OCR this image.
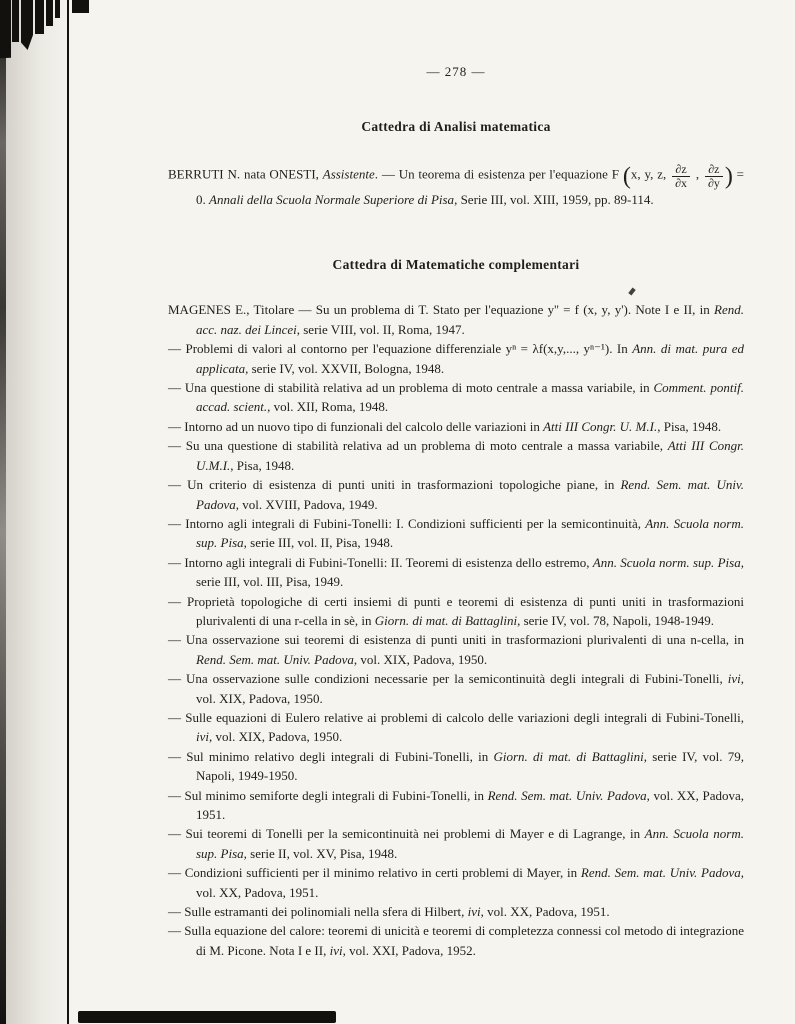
— 278 —
Cattedra di Analisi matematica

BERRUTI N. nata ONESTI, Assistente. — Un teorema di esistenza per l'equazione F (x, y, z, $\frac{\partial z}{\partial x}$ , $\frac{\partial z}{\partial y}$ ) = 0. Annali della Scuola Normale Superiore di Pisa, Serie III, vol. XIII, 1959, pp. 89-114.

Cattedra di Matematiche complementari

MAGENES E., Titolare — Su un problema di T. Stato per l'equazione y'' = f (x, y, y'). Note I e II, in Rend. acc. naz. dei Lincei, serie VIII, vol. II, Roma, 1947.

— Problemi di valori al contorno per l'equazione differenziale yⁿ = λf(x,y,..., yⁿ⁻¹). In Ann. di mat. pura ed applicata, serie IV, vol. XXVII, Bologna, 1948.

— Una questione di stabilità relativa ad un problema di moto centrale a massa variabile, in Comment. pontif. accad. scient., vol. XII, Roma, 1948.

— Intorno ad un nuovo tipo di funzionali del calcolo delle variazioni in Atti III Congr. U. M.I., Pisa, 1948.

— Su una questione di stabilità relativa ad un problema di moto centrale a massa variabile, Atti III Congr. U.M.I., Pisa, 1948.

— Un criterio di esistenza di punti uniti in trasformazioni topologiche piane, in Rend. Sem. mat. Univ. Padova, vol. XVIII, Padova, 1949.

— Intorno agli integrali di Fubini-Tonelli: I. Condizioni sufficienti per la semicontinuità, Ann. Scuola norm. sup. Pisa, serie III, vol. II, Pisa, 1948.

— Intorno agli integrali di Fubini-Tonelli: II. Teoremi di esistenza dello estremo, Ann. Scuola norm. sup. Pisa, serie III, vol. III, Pisa, 1949.

— Proprietà topologiche di certi insiemi di punti e teoremi di esistenza di punti uniti in trasformazioni plurivalenti di una r-cella in sè, in Giorn. di mat. di Battaglini, serie IV, vol. 78, Napoli, 1948-1949.

— Una osservazione sui teoremi di esistenza di punti uniti in trasformazioni plurivalenti di una n-cella, in Rend. Sem. mat. Univ. Padova, vol. XIX, Padova, 1950.

— Una osservazione sulle condizioni necessarie per la semicontinuità degli integrali di Fubini-Tonelli, ivi, vol. XIX, Padova, 1950.

— Sulle equazioni di Eulero relative ai problemi di calcolo delle variazioni degli integrali di Fubini-Tonelli, ivi, vol. XIX, Padova, 1950.

— Sul minimo relativo degli integrali di Fubini-Tonelli, in Giorn. di mat. di Battaglini, serie IV, vol. 79, Napoli, 1949-1950.

— Sul minimo semiforte degli integrali di Fubini-Tonelli, in Rend. Sem. mat. Univ. Padova, vol. XX, Padova, 1951.

— Sui teoremi di Tonelli per la semicontinuità nei problemi di Mayer e di Lagrange, in Ann. Scuola norm. sup. Pisa, serie II, vol. XV, Pisa, 1948.

— Condizioni sufficienti per il minimo relativo in certi problemi di Mayer, in Rend. Sem. mat. Univ. Padova, vol. XX, Padova, 1951.

— Sulle estramanti dei polinomiali nella sfera di Hilbert, ivi, vol. XX, Padova, 1951.

— Sulla equazione del calore: teoremi di unicità e teoremi di completezza connessi col metodo di integrazione di M. Picone. Nota I e II, ivi, vol. XXI, Padova, 1952.
